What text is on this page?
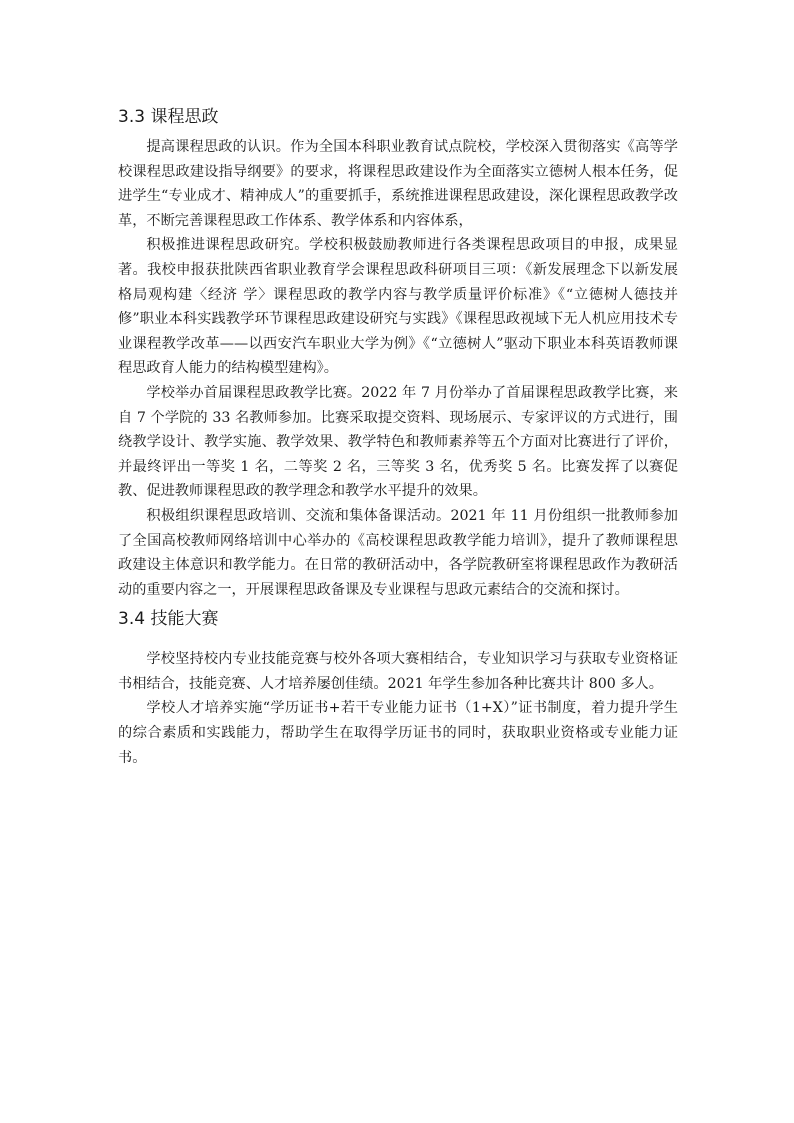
3.3 课程思政

提高课程思政的认识。作为全国本科职业教育试点院校，学校深入贯彻落实《高等学校课程思政建设指导纲要》的要求，将课程思政建设作为全面落实立德树人根本任务，促进学生“专业成才、精神成人”的重要抓手，系统推进课程思政建设，深化课程思政教学改革，不断完善课程思政工作体系、教学体系和内容体系，

积极推进课程思政研究。学校积极鼓励教师进行各类课程思政项目的申报，成果显著。我校申报获批陕西省职业教育学会课程思政科研项目三项：《新发展理念下以新发展格局观构建〈经济 学〉课程思政的教学内容与教学质量评价标准》《“立德树人德技并修”职业本科实践教学环节课程思政建设研究与实践》《课程思政视域下无人机应用技术专业课程教学改革——以西安汽车职业大学为例》《“立德树人”驱动下职业本科英语教师课程思政育人能力的结构模型建构》。

学校举办首届课程思政教学比赛。2022 年 7 月份举办了首届课程思政教学比赛，来自 7 个学院的 33 名教师参加。比赛采取提交资料、现场展示、专家评议的方式进行，围绕教学设计、教学实施、教学效果、教学特色和教师素养等五个方面对比赛进行了评价，并最终评出一等奖 1 名，二等奖 2 名，三等奖 3 名，优秀奖 5 名。比赛发挥了以赛促教、促进教师课程思政的教学理念和教学水平提升的效果。

积极组织课程思政培训、交流和集体备课活动。2021 年 11 月份组织一批教师参加了全国高校教师网络培训中心举办的《高校课程思政教学能力培训》，提升了教师课程思政建设主体意识和教学能力。在日常的教研活动中，各学院教研室将课程思政作为教研活动的重要内容之一，开展课程思政备课及专业课程与思政元素结合的交流和探讨。

3.4 技能大赛

学校坚持校内专业技能竞赛与校外各项大赛相结合，专业知识学习与获取专业资格证书相结合，技能竞赛、人才培养屡创佳绩。2021 年学生参加各种比赛共计 800 多人。

学校人才培养实施“学历证书+若干专业能力证书（1+X）”证书制度，着力提升学生的综合素质和实践能力，帮助学生在取得学历证书的同时，获取职业资格或专业能力证书。
